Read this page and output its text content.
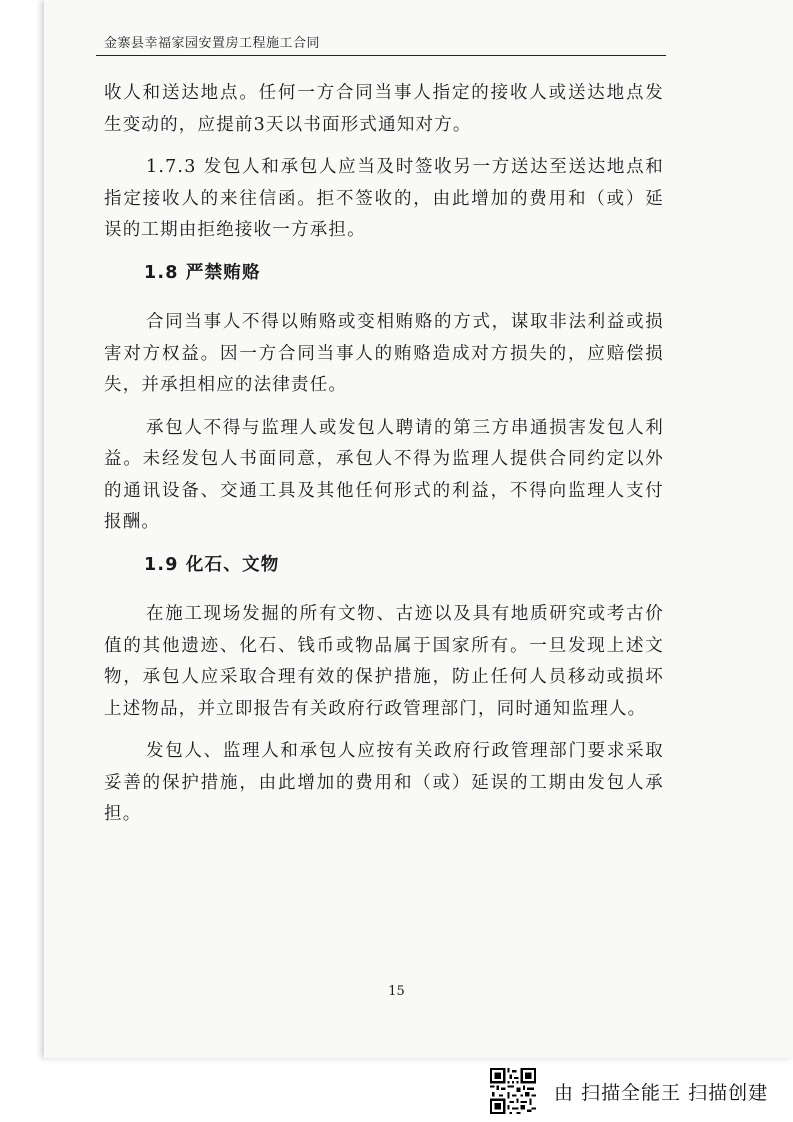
金寨县幸福家园安置房工程施工合同

收人和送达地点。任何一方合同当事人指定的接收人或送达地点发生变动的，应提前3天以书面形式通知对方。

1.7.3 发包人和承包人应当及时签收另一方送达至送达地点和指定接收人的来往信函。拒不签收的，由此增加的费用和（或）延误的工期由拒绝接收一方承担。

1.8 严禁贿赂

合同当事人不得以贿赂或变相贿赂的方式，谋取非法利益或损害对方权益。因一方合同当事人的贿赂造成对方损失的，应赔偿损失，并承担相应的法律责任。

承包人不得与监理人或发包人聘请的第三方串通损害发包人利益。未经发包人书面同意，承包人不得为监理人提供合同约定以外的通讯设备、交通工具及其他任何形式的利益，不得向监理人支付报酬。

1.9 化石、文物

在施工现场发掘的所有文物、古迹以及具有地质研究或考古价值的其他遗迹、化石、钱币或物品属于国家所有。一旦发现上述文物，承包人应采取合理有效的保护措施，防止任何人员移动或损坏上述物品，并立即报告有关政府行政管理部门，同时通知监理人。

发包人、监理人和承包人应按有关政府行政管理部门要求采取妥善的保护措施，由此增加的费用和（或）延误的工期由发包人承担。

15
由 扫描全能王 扫描创建
